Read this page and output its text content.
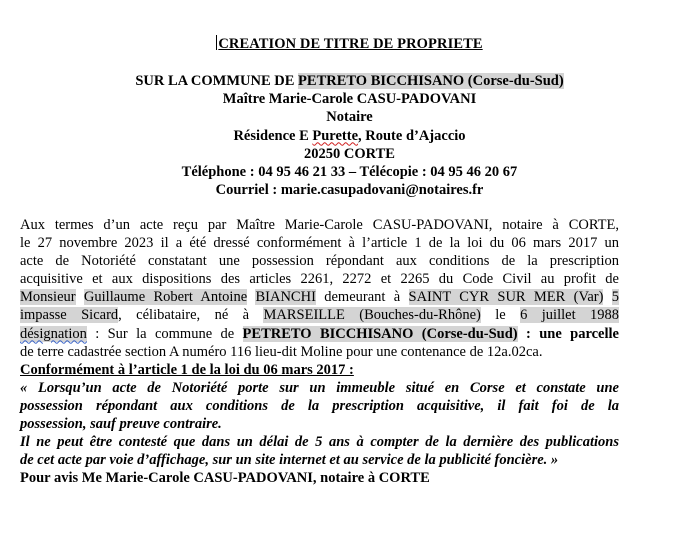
CREATION DE TITRE DE PROPRIETE
SUR LA COMMUNE DE PETRETO BICCHISANO (Corse-du-Sud)
Maître Marie-Carole CASU-PADOVANI
Notaire
Résidence E Purette, Route d’Ajaccio
20250 CORTE
Téléphone : 04 95 46 21 33 – Télécopie : 04 95 46 20 67
Courriel : marie.casupadovani@notaires.fr
Aux termes d’un acte reçu par Maître Marie-Carole CASU-PADOVANI, notaire à CORTE,
le 27 novembre 2023 il a été dressé conformément à l’article 1 de la loi du 06 mars 2017 un
acte de Notoriété constatant une possession répondant aux conditions de la prescription
acquisitive et aux dispositions des articles 2261, 2272 et 2265 du Code Civil au profit de
Monsieur Guillaume Robert Antoine BIANCHI demeurant à SAINT CYR SUR MER (Var) 5
impasse Sicard, célibataire, né à MARSEILLE (Bouches-du-Rhône) le 6 juillet 1988
désignation : Sur la commune de PETRETO BICCHISANO (Corse-du-Sud) : une parcelle
de terre cadastrée section A numéro 116 lieu-dit Moline pour une contenance de 12a.02ca.
Conformément à l’article 1 de la loi du 06 mars 2017 :
« Lorsqu’un acte de Notoriété porte sur un immeuble situé en Corse et constate une
possession répondant aux conditions de la prescription acquisitive, il fait foi de la
possession, sauf preuve contraire.
Il ne peut être contesté que dans un délai de 5 ans à compter de la dernière des publications
de cet acte par voie d’affichage, sur un site internet et au service de la publicité foncière. »
Pour avis Me Marie-Carole CASU-PADOVANI, notaire à CORTE
